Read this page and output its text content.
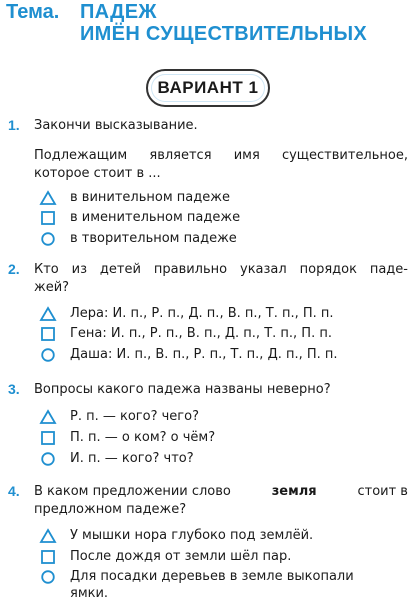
Тема. ПАДЕЖ
ИМЁН СУЩЕСТВИТЕЛЬНЫХ
ВАРИАНТ 1
1. Закончи высказывание.
Подлежащим является имя существительное,
которое стоит в ...
в винительном падеже
в именительном падеже
в творительном падеже
2. Кто из детей правильно указал порядок паде-
жей?
Лера: И. п., Р. п., Д. п., В. п., Т. п., П. п.
Гена: И. п., Р. п., В. п., Д. п., Т. п., П. п.
Даша: И. п., В. п., Р. п., Т. п., Д. п., П. п.
3. Вопросы какого падежа названы неверно?
Р. п. — кого? чего?
П. п. — о ком? о чём?
И. п. — кого? что?
4. В каком предложении слово	земля	стоит в
предложном падеже?
У мышки нора глубоко под землёй.
После дождя от земли шёл пар.
Для посадки деревьев в земле выкопали
ямки.
